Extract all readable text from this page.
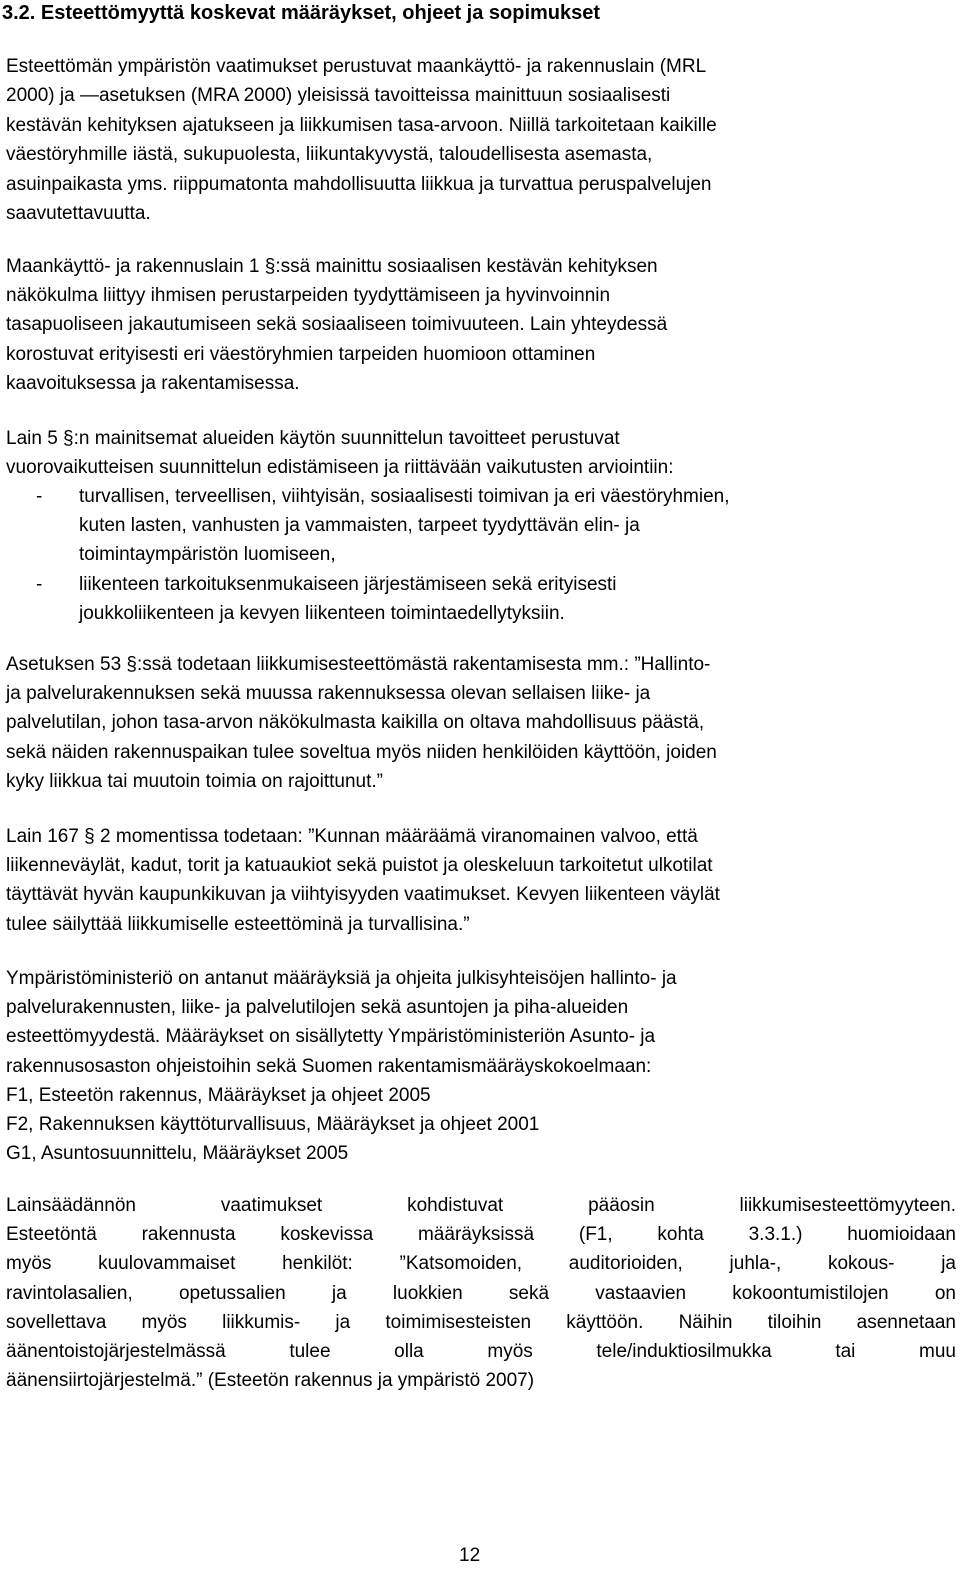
3.2. Esteettömyyttä koskevat määräykset, ohjeet ja sopimukset
Esteettömän ympäristön vaatimukset perustuvat maankäyttö- ja rakennuslain (MRL
2000) ja —asetuksen (MRA 2000) yleisissä tavoitteissa mainittuun sosiaalisesti
kestävän kehityksen ajatukseen ja liikkumisen tasa-arvoon. Niillä tarkoitetaan kaikille
väestöryhmille iästä, sukupuolesta, liikuntakyvystä, taloudellisesta asemasta,
asuinpaikasta yms. riippumatonta mahdollisuutta liikkua ja turvattua peruspalvelujen
saavutettavuutta.
Maankäyttö- ja rakennuslain 1 §:ssä mainittu sosiaalisen kestävän kehityksen
näkökulma liittyy ihmisen perustarpeiden tyydyttämiseen ja hyvinvoinnin
tasapuoliseen jakautumiseen sekä sosiaaliseen toimivuuteen. Lain yhteydessä
korostuvat erityisesti eri väestöryhmien tarpeiden huomioon ottaminen
kaavoituksessa ja rakentamisessa.
Lain 5 §:n mainitsemat alueiden käytön suunnittelun tavoitteet perustuvat
vuorovaikutteisen suunnittelun edistämiseen ja riittävään vaikutusten arviointiin:
- turvallisen, terveellisen, viihtyisän, sosiaalisesti toimivan ja eri väestöryhmien,
kuten lasten, vanhusten ja vammaisten, tarpeet tyydyttävän elin- ja
toimintaympäristön luomiseen,
- liikenteen tarkoituksenmukaiseen järjestämiseen sekä erityisesti
joukkoliikenteen ja kevyen liikenteen toimintaedellytyksiin.
Asetuksen 53 §:ssä todetaan liikkumisesteettömästä rakentamisesta mm.: ”Hallinto-
ja palvelurakennuksen sekä muussa rakennuksessa olevan sellaisen liike- ja
palvelutilan, johon tasa-arvon näkökulmasta kaikilla on oltava mahdollisuus päästä,
sekä näiden rakennuspaikan tulee soveltua myös niiden henkilöiden käyttöön, joiden
kyky liikkua tai muutoin toimia on rajoittunut.”
Lain 167 § 2 momentissa todetaan: ”Kunnan määräämä viranomainen valvoo, että
liikenneväylät, kadut, torit ja katuaukiot sekä puistot ja oleskeluun tarkoitetut ulkotilat
täyttävät hyvän kaupunkikuvan ja viihtyisyyden vaatimukset. Kevyen liikenteen väylät
tulee säilyttää liikkumiselle esteettöminä ja turvallisina.”
Ympäristöministeriö on antanut määräyksiä ja ohjeita julkisyhteisöjen hallinto- ja
palvelurakennusten, liike- ja palvelutilojen sekä asuntojen ja piha-alueiden
esteettömyydestä. Määräykset on sisällytetty Ympäristöministeriön Asunto- ja
rakennusosaston ohjeistoihin sekä Suomen rakentamismääräyskokoelmaan:
F1, Esteetön rakennus, Määräykset ja ohjeet 2005
F2, Rakennuksen käyttöturvallisuus, Määräykset ja ohjeet 2001
G1, Asuntosuunnittelu, Määräykset 2005
Lainsäädännön vaatimukset kohdistuvat pääosin liikkumisesteettömyyteen.
Esteetöntä rakennusta koskevissa määräyksissä (F1, kohta 3.3.1.) huomioidaan
myös kuulovammaiset henkilöt: ”Katsomoiden, auditorioiden, juhla-, kokous- ja
ravintolasalien, opetussalien ja luokkien sekä vastaavien kokoontumistilojen on
sovellettava myös liikkumis- ja toimimisesteisten käyttöön. Näihin tiloihin asennetaan
äänentoistojärjestelmässä tulee olla myös tele/induktiosilmukka tai muu
äänensiirtojärjestelmä.” (Esteetön rakennus ja ympäristö 2007)
12
